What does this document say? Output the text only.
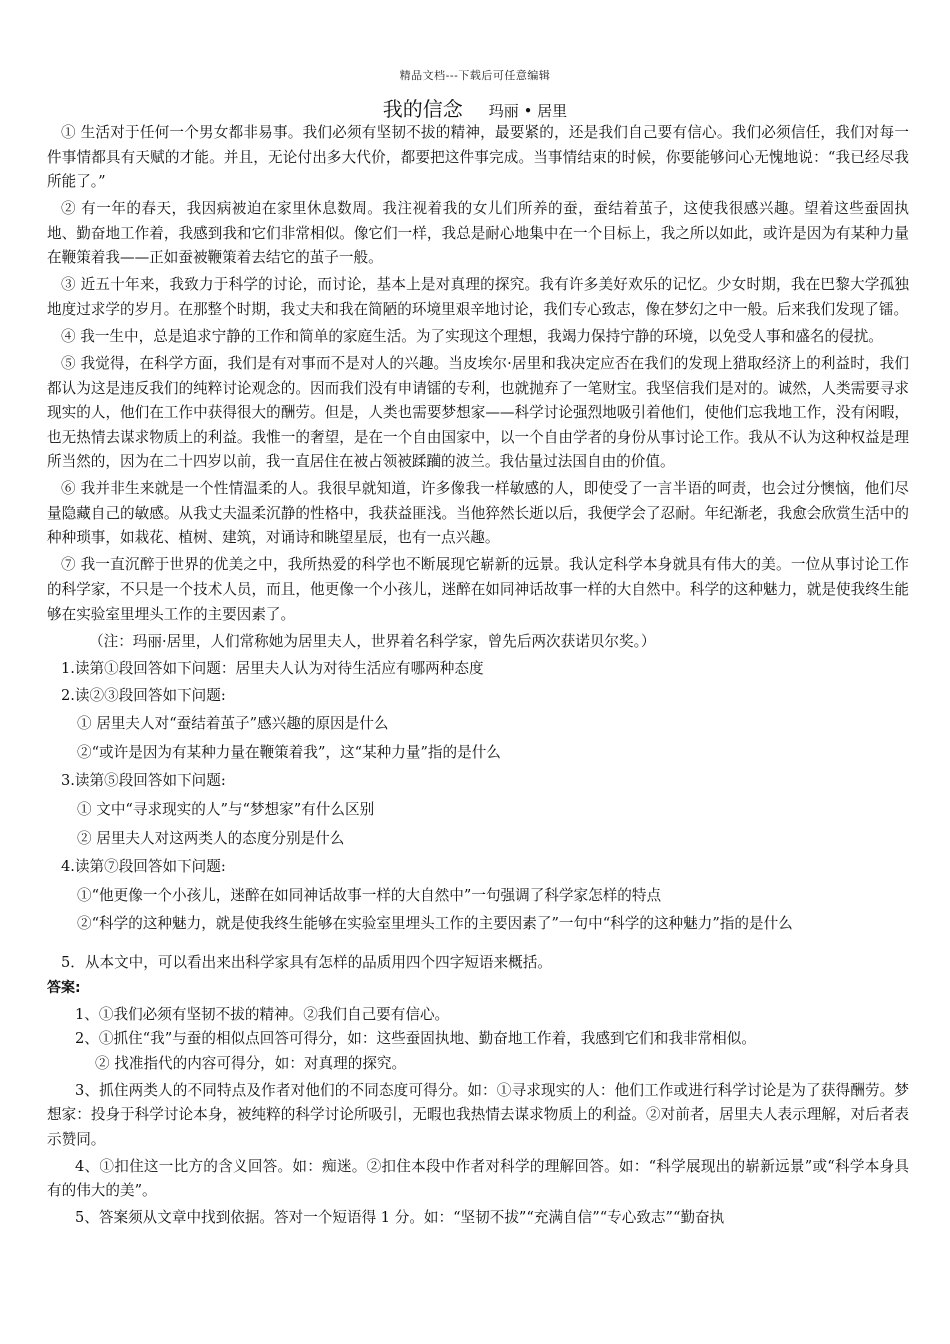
精品文档---下载后可任意编辑
我的信念 玛丽 • 居里

① 生活对于任何一个男女都非易事。我们必须有坚韧不拔的精神，最要紧的，还是我们自己要有信心。我们必须信任，我们对每一件事情都具有天赋的才能。并且，无论付出多大代价，都要把这件事完成。当事情结束的时候，你要能够问心无愧地说：“我已经尽我所能了。”

② 有一年的春天，我因病被迫在家里休息数周。我注视着我的女儿们所养的蚕，蚕结着茧子，这使我很感兴趣。望着这些蚕固执地、勤奋地工作着，我感到我和它们非常相似。像它们一样，我总是耐心地集中在一个目标上，我之所以如此，或许是因为有某种力量在鞭策着我——正如蚕被鞭策着去结它的茧子一般。

③ 近五十年来，我致力于科学的讨论，而讨论，基本上是对真理的探究。我有许多美好欢乐的记忆。少女时期，我在巴黎大学孤独地度过求学的岁月。在那整个时期，我丈夫和我在简陋的环境里艰辛地讨论，我们专心致志，像在梦幻之中一般。后来我们发现了镭。

④ 我一生中，总是追求宁静的工作和简单的家庭生活。为了实现这个理想，我竭力保持宁静的环境，以免受人事和盛名的侵扰。

⑤ 我觉得，在科学方面，我们是有对事而不是对人的兴趣。当皮埃尔·居里和我决定应否在我们的发现上猎取经济上的利益时，我们都认为这是违反我们的纯粹讨论观念的。因而我们没有申请镭的专利，也就抛弃了一笔财宝。我坚信我们是对的。诚然，人类需要寻求现实的人，他们在工作中获得很大的酬劳。但是，人类也需要梦想家——科学讨论强烈地吸引着他们，使他们忘我地工作，没有闲暇，也无热情去谋求物质上的利益。我惟一的奢望，是在一个自由国家中，以一个自由学者的身份从事讨论工作。我从不认为这种权益是理所当然的，因为在二十四岁以前，我一直居住在被占领被蹂躏的波兰。我估量过法国自由的价值。

⑥ 我并非生来就是一个性情温柔的人。我很早就知道，许多像我一样敏感的人，即使受了一言半语的呵责，也会过分懊恼，他们尽量隐藏自己的敏感。从我丈夫温柔沉静的性格中，我获益匪浅。当他猝然长逝以后，我便学会了忍耐。年纪渐老，我愈会欣赏生活中的种种琐事，如栽花、植树、建筑，对诵诗和眺望星辰，也有一点兴趣。

⑦ 我一直沉醉于世界的优美之中，我所热爱的科学也不断展现它崭新的远景。我认定科学本身就具有伟大的美。一位从事讨论工作的科学家，不只是一个技术人员，而且，他更像一个小孩儿，迷醉在如同神话故事一样的大自然中。科学的这种魅力，就是使我终生能够在实验室里埋头工作的主要因素了。

（注：玛丽·居里，人们常称她为居里夫人，世界着名科学家，曾先后两次获诺贝尔奖。）

1.读第①段回答如下问题：居里夫人认为对待生活应有哪两种态度

2.读②③段回答如下问题:

① 居里夫人对“蚕结着茧子”感兴趣的原因是什么

②“或许是因为有某种力量在鞭策着我”，这“某种力量”指的是什么

3.读第⑤段回答如下问题:

① 文中“寻求现实的人”与“梦想家”有什么区别

② 居里夫人对这两类人的态度分别是什么

4.读第⑦段回答如下问题:

①“他更像一个小孩儿，迷醉在如同神话故事一样的大自然中”一句强调了科学家怎样的特点

②“科学的这种魅力，就是使我终生能够在实验室里埋头工作的主要因素了”一句中“科学的这种魅力”指的是什么

5．从本文中，可以看出来出科学家具有怎样的品质用四个四字短语来概括。

答案:

1、①我们必须有坚韧不拔的精神。②我们自己要有信心。

2、①抓住“我”与蚕的相似点回答可得分，如：这些蚕固执地、勤奋地工作着，我感到它们和我非常相似。

② 找准指代的内容可得分，如：对真理的探究。

3、抓住两类人的不同特点及作者对他们的不同态度可得分。如：①寻求现实的人：他们工作或进行科学讨论是为了获得酬劳。梦想家：投身于科学讨论本身，被纯粹的科学讨论所吸引，无暇也我热情去谋求物质上的利益。②对前者，居里夫人表示理解，对后者表示赞同。

4、①扣住这一比方的含义回答。如：痴迷。②扣住本段中作者对科学的理解回答。如：“科学展现出的崭新远景”或“科学本身具有的伟大的美”。

5、答案须从文章中找到依据。答对一个短语得 1 分。如：“坚韧不拔”“充满自信”“专心致志”“勤奋执
